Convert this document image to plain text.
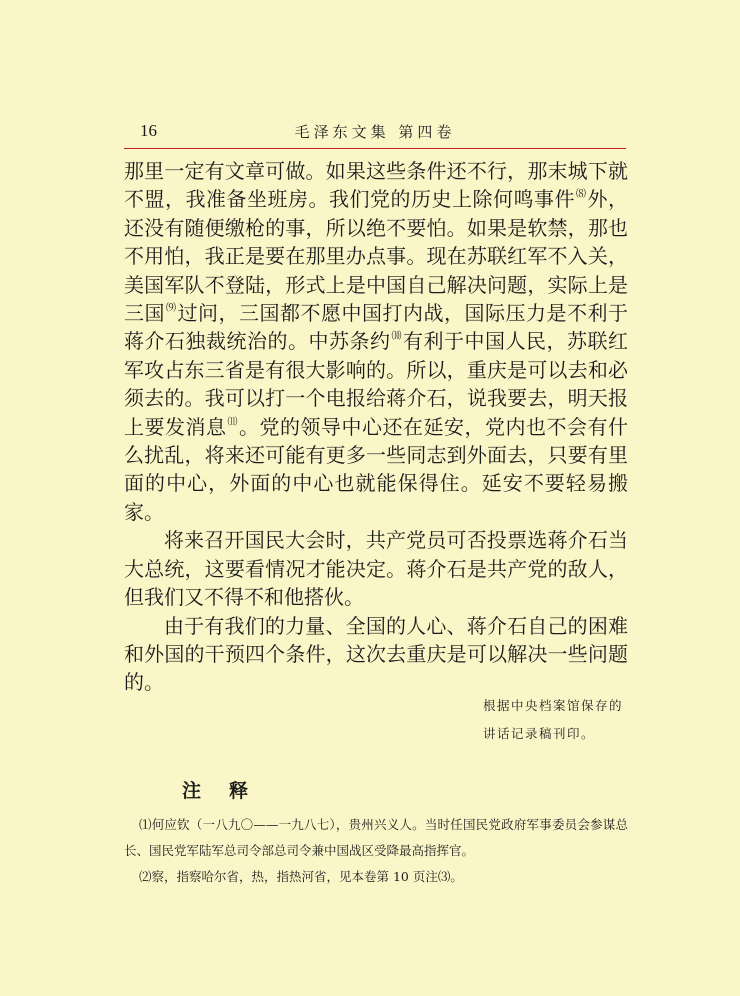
16	毛泽东文集 第四卷

那里一定有文章可做。如果这些条件还不行，那末城下就不盟，我准备坐班房。我们党的历史上除何鸣事件⑻外，还没有随便缴枪的事，所以绝不要怕。如果是软禁，那也不用怕，我正是要在那里办点事。现在苏联红军不入关，美国军队不登陆，形式上是中国自己解决问题，实际上是三国⑼过问，三国都不愿中国打内战，国际压力是不利于蒋介石独裁统治的。中苏条约⑽有利于中国人民，苏联红军攻占东三省是有很大影响的。所以，重庆是可以去和必须去的。我可以打一个电报给蒋介石，说我要去，明天报上要发消息⑾。党的领导中心还在延安，党内也不会有什么扰乱，将来还可能有更多一些同志到外面去，只要有里面的中心，外面的中心也就能保得住。延安不要轻易搬家。

将来召开国民大会时，共产党员可否投票选蒋介石当大总统，这要看情况才能决定。蒋介石是共产党的敌人，但我们又不得不和他搭伙。

由于有我们的力量、全国的人心、蒋介石自己的困难和外国的干预四个条件，这次去重庆是可以解决一些问题的。

根据中央档案馆保存的
讲话记录稿刊印。
注释

⑴何应钦（一八九〇——一九八七），贵州兴义人。当时任国民党政府军事委员会参谋总长、国民党军陆军总司令部总司令兼中国战区受降最高指挥官。

⑵察，指察哈尔省，热，指热河省，见本卷第 10 页注⑶。
